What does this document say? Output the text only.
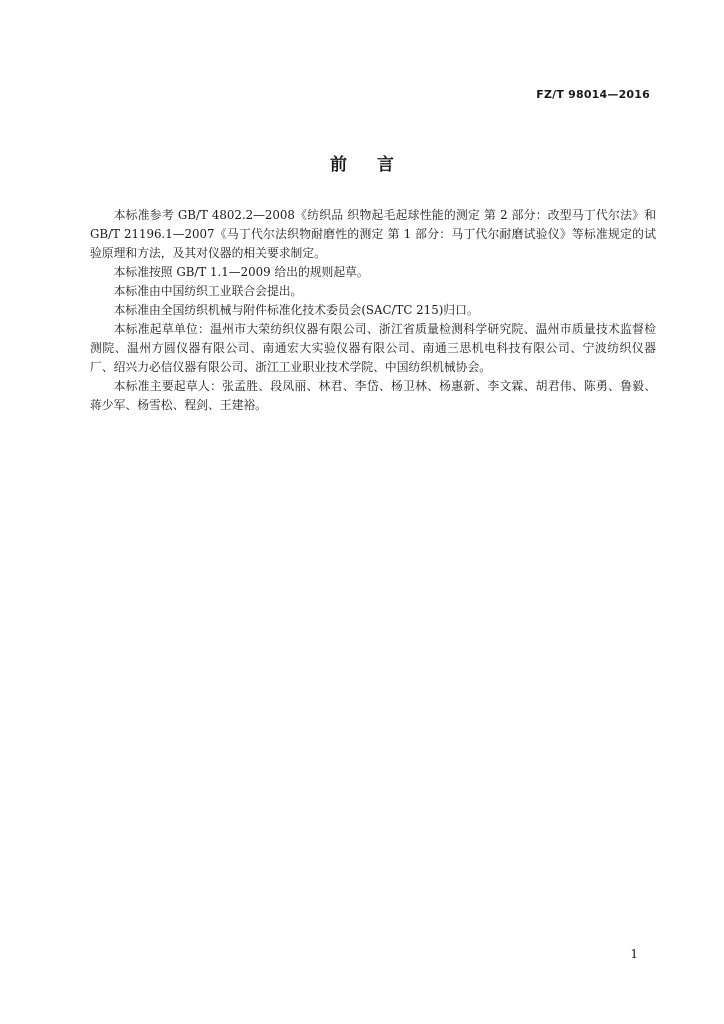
FZ/T 98014—2016
前言

本标准参考 GB/T 4802.2—2008《纺织品 织物起毛起球性能的测定 第 2 部分：改型马丁代尔法》和 GB/T 21196.1—2007《马丁代尔法织物耐磨性的测定 第 1 部分：马丁代尔耐磨试验仪》等标准规定的试验原理和方法，及其对仪器的相关要求制定。

本标准按照 GB/T 1.1—2009 给出的规则起草。

本标准由中国纺织工业联合会提出。

本标准由全国纺织机械与附件标准化技术委员会(SAC/TC 215)归口。

本标准起草单位：温州市大荣纺织仪器有限公司、浙江省质量检测科学研究院、温州市质量技术监督检测院、温州方圆仪器有限公司、南通宏大实验仪器有限公司、南通三思机电科技有限公司、宁波纺织仪器厂、绍兴力必信仪器有限公司、浙江工业职业技术学院、中国纺织机械协会。

本标准主要起草人：张孟胜、段凤丽、林君、李岱、杨卫林、杨惠新、李文霖、胡君伟、陈勇、鲁毅、蒋少军、杨雪松、程剑、王建裕。

1
